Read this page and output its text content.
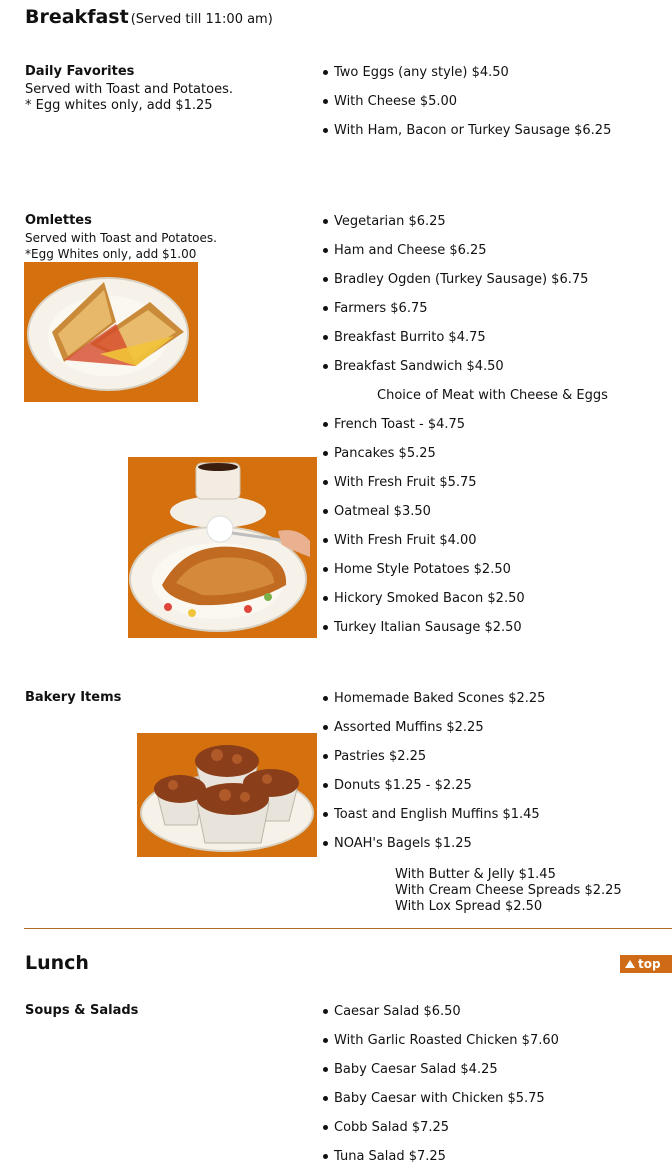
Breakfast (Served till 11:00 am)
Daily Favorites
Served with Toast and Potatoes.
* Egg whites only, add $1.25
Two Eggs (any style) $4.50
With Cheese $5.00
With Ham, Bacon or Turkey Sausage $6.25
Omlettes
Served with Toast and Potatoes.
*Egg Whites only, add $1.00
Vegetarian $6.25
Ham and Cheese $6.25
Bradley Ogden (Turkey Sausage) $6.75
Farmers $6.75
Breakfast Burrito $4.75
Breakfast Sandwich $4.50
Choice of Meat with Cheese & Eggs
French Toast - $4.75
Pancakes $5.25
With Fresh Fruit $5.75
Oatmeal $3.50
With Fresh Fruit $4.00
Home Style Potatoes $2.50
Hickory Smoked Bacon $2.50
Turkey Italian Sausage $2.50
Bakery Items	Homemade Baked Scones $2.25
Assorted Muffins $2.25
Pastries $2.25
Donuts $1.25 - $2.25
Toast and English Muffins $1.45
NOAH's Bagels $1.25
With Butter & Jelly $1.45
With Cream Cheese Spreads $2.25
With Lox Spread $2.50
Lunch	top
Soups & Salads	Caesar Salad $6.50
With Garlic Roasted Chicken $7.60
Baby Caesar Salad $4.25
Baby Caesar with Chicken $5.75
Cobb Salad $7.25
Tuna Salad $7.25
